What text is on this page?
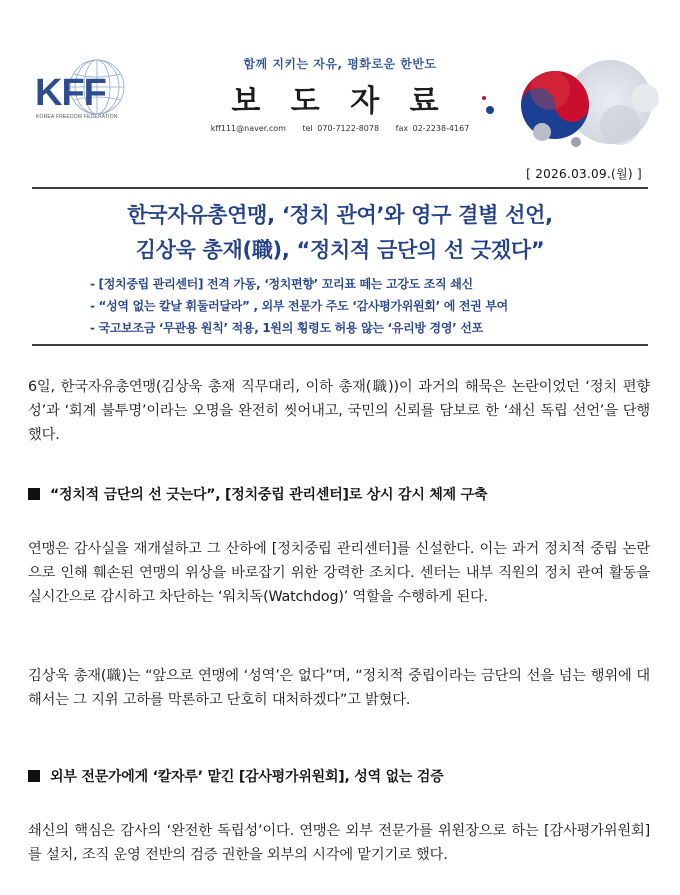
KFF
KOREA FREEDOM FEDERATION
함께 지키는 자유, 평화로운 한반도
보 도 자 료
kff111@naver.com tel 070-7122-8078 fax 02-2238-4167
[ 2026.03.09.(월) ]
한국자유총연맹, ‘정치 관여’와 영구 결별 선언,
김상욱 총재(職), “정치적 금단의 선 긋겠다”
- [정치중립 관리센터] 전격 가동, ‘정치편향’ 꼬리표 떼는 고강도 조직 쇄신
- “성역 없는 칼날 휘둘러달라” , 외부 전문가 주도 ‘감사평가위원회’ 에 전권 부여
- 국고보조금 ‘무관용 원칙’ 적용, 1원의 횡령도 허용 않는 ‘유리방 경영’ 선포
6일, 한국자유총연맹(김상욱 총재 직무대리, 이하 총재(職))이 과거의 해묵은 논란이었던 ‘정치 편향성’과 ‘회계 불투명’이라는 오명을 완전히 씻어내고, 국민의 신뢰를 담보로 한 ‘쇄신 독립 선언’을 단행했다.
“정치적 금단의 선 긋는다”, [정치중립 관리센터]로 상시 감시 체제 구축
연맹은 감사실을 재개설하고 그 산하에 [정치중립 관리센터]를 신설한다. 이는 과거 정치적 중립 논란으로 인해 훼손된 연맹의 위상을 바로잡기 위한 강력한 조치다. 센터는 내부 직원의 정치 관여 활동을 실시간으로 감시하고 차단하는 ‘워치독(Watchdog)’ 역할을 수행하게 된다.
김상욱 총재(職)는 “앞으로 연맹에 ‘성역’은 없다”며, “정치적 중립이라는 금단의 선을 넘는 행위에 대해서는 그 지위 고하를 막론하고 단호히 대처하겠다”고 밝혔다.
외부 전문가에게 ‘칼자루’ 맡긴 [감사평가위원회], 성역 없는 검증
쇄신의 핵심은 감사의 ‘완전한 독립성’이다. 연맹은 외부 전문가를 위원장으로 하는 [감사평가위원회]를 설치, 조직 운영 전반의 검증 권한을 외부의 시각에 맡기기로 했다.
